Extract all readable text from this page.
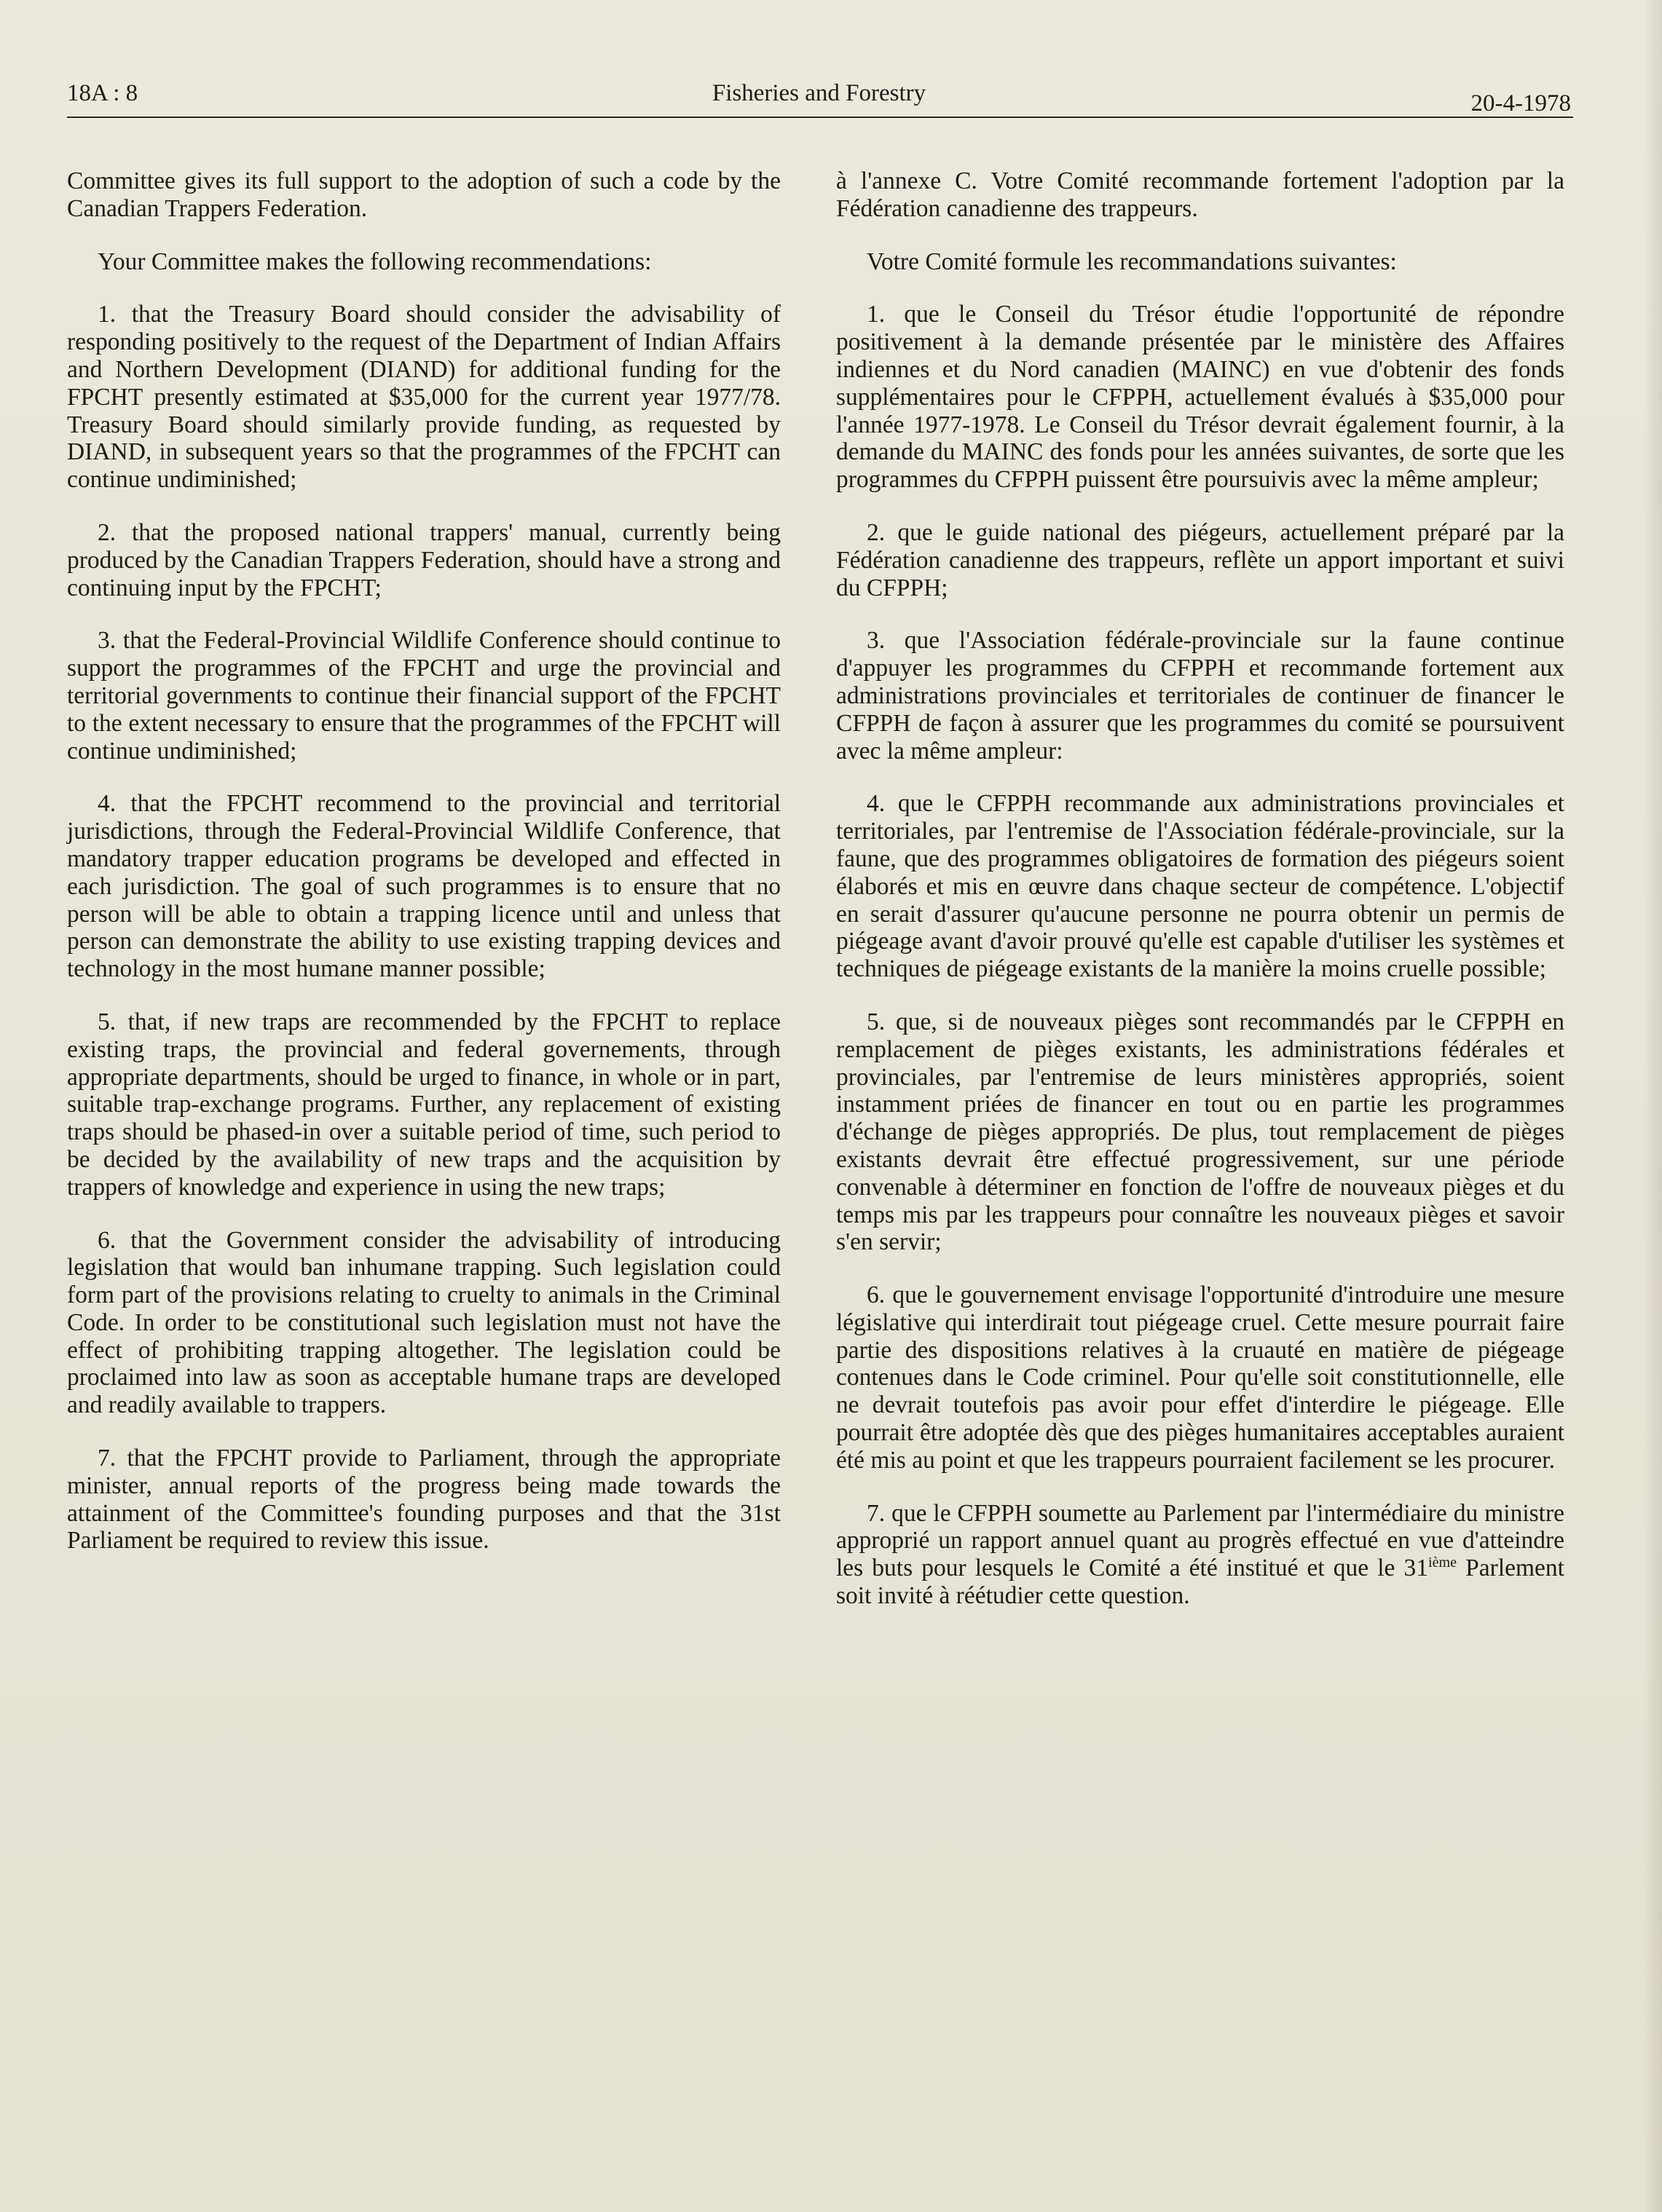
18A : 8	Fisheries and Forestry	20-4-1978

Committee gives its full support to the adoption of such a code by the Canadian Trappers Federation.

Your Committee makes the following recommendations:

1. that the Treasury Board should consider the advisability of responding positively to the request of the Department of Indian Affairs and Northern Development (DIAND) for additional funding for the FPCHT presently estimated at $35,000 for the current year 1977/78. Treasury Board should similarly provide funding, as requested by DIAND, in subsequent years so that the programmes of the FPCHT can continue undiminished;

2. that the proposed national trappers' manual, currently being produced by the Canadian Trappers Federation, should have a strong and continuing input by the FPCHT;

3. that the Federal-Provincial Wildlife Conference should continue to support the programmes of the FPCHT and urge the provincial and territorial governments to continue their financial support of the FPCHT to the extent necessary to ensure that the programmes of the FPCHT will continue undiminished;

4. that the FPCHT recommend to the provincial and territorial jurisdictions, through the Federal-Provincial Wildlife Conference, that mandatory trapper education programs be developed and effected in each jurisdiction. The goal of such programmes is to ensure that no person will be able to obtain a trapping licence until and unless that person can demonstrate the ability to use existing trapping devices and technology in the most humane manner possible;

5. that, if new traps are recommended by the FPCHT to replace existing traps, the provincial and federal governements, through appropriate departments, should be urged to finance, in whole or in part, suitable trap-exchange programs. Further, any replacement of existing traps should be phased-in over a suitable period of time, such period to be decided by the availability of new traps and the acquisition by trappers of knowledge and experience in using the new traps;

6. that the Government consider the advisability of introducing legislation that would ban inhumane trapping. Such legislation could form part of the provisions relating to cruelty to animals in the Criminal Code. In order to be constitutional such legislation must not have the effect of prohibiting trapping altogether. The legislation could be proclaimed into law as soon as acceptable humane traps are developed and readily available to trappers.

7. that the FPCHT provide to Parliament, through the appropriate minister, annual reports of the progress being made towards the attainment of the Committee's founding purposes and that the 31st Parliament be required to review this issue.

à l'annexe C. Votre Comité recommande fortement l'adoption par la Fédération canadienne des trappeurs.

Votre Comité formule les recommandations suivantes:

1. que le Conseil du Trésor étudie l'opportunité de répondre positivement à la demande présentée par le ministère des Affaires indiennes et du Nord canadien (MAINC) en vue d'obtenir des fonds supplémentaires pour le CFPPH, actuellement évalués à $35,000 pour l'année 1977-1978. Le Conseil du Trésor devrait également fournir, à la demande du MAINC des fonds pour les années suivantes, de sorte que les programmes du CFPPH puissent être poursuivis avec la même ampleur;

2. que le guide national des piégeurs, actuellement préparé par la Fédération canadienne des trappeurs, reflète un apport important et suivi du CFPPH;

3. que l'Association fédérale-provinciale sur la faune continue d'appuyer les programmes du CFPPH et recommande fortement aux administrations provinciales et territoriales de continuer de financer le CFPPH de façon à assurer que les programmes du comité se poursuivent avec la même ampleur:

4. que le CFPPH recommande aux administrations provinciales et territoriales, par l'entremise de l'Association fédérale-provinciale, sur la faune, que des programmes obligatoires de formation des piégeurs soient élaborés et mis en œuvre dans chaque secteur de compétence. L'objectif en serait d'assurer qu'aucune personne ne pourra obtenir un permis de piégeage avant d'avoir prouvé qu'elle est capable d'utiliser les systèmes et techniques de piégeage existants de la manière la moins cruelle possible;

5. que, si de nouveaux pièges sont recommandés par le CFPPH en remplacement de pièges existants, les administrations fédérales et provinciales, par l'entremise de leurs ministères appropriés, soient instamment priées de financer en tout ou en partie les programmes d'échange de pièges appropriés. De plus, tout remplacement de pièges existants devrait être effectué progressivement, sur une période convenable à déterminer en fonction de l'offre de nouveaux pièges et du temps mis par les trappeurs pour connaître les nouveaux pièges et savoir s'en servir;

6. que le gouvernement envisage l'opportunité d'introduire une mesure législative qui interdirait tout piégeage cruel. Cette mesure pourrait faire partie des dispositions relatives à la cruauté en matière de piégeage contenues dans le Code criminel. Pour qu'elle soit constitutionnelle, elle ne devrait toutefois pas avoir pour effet d'interdire le piégeage. Elle pourrait être adoptée dès que des pièges humanitaires acceptables auraient été mis au point et que les trappeurs pourraient facilement se les procurer.

7. que le CFPPH soumette au Parlement par l'intermédiaire du ministre approprié un rapport annuel quant au progrès effectué en vue d'atteindre les buts pour lesquels le Comité a été institué et que le 31ième Parlement soit invité à réétudier cette question.
